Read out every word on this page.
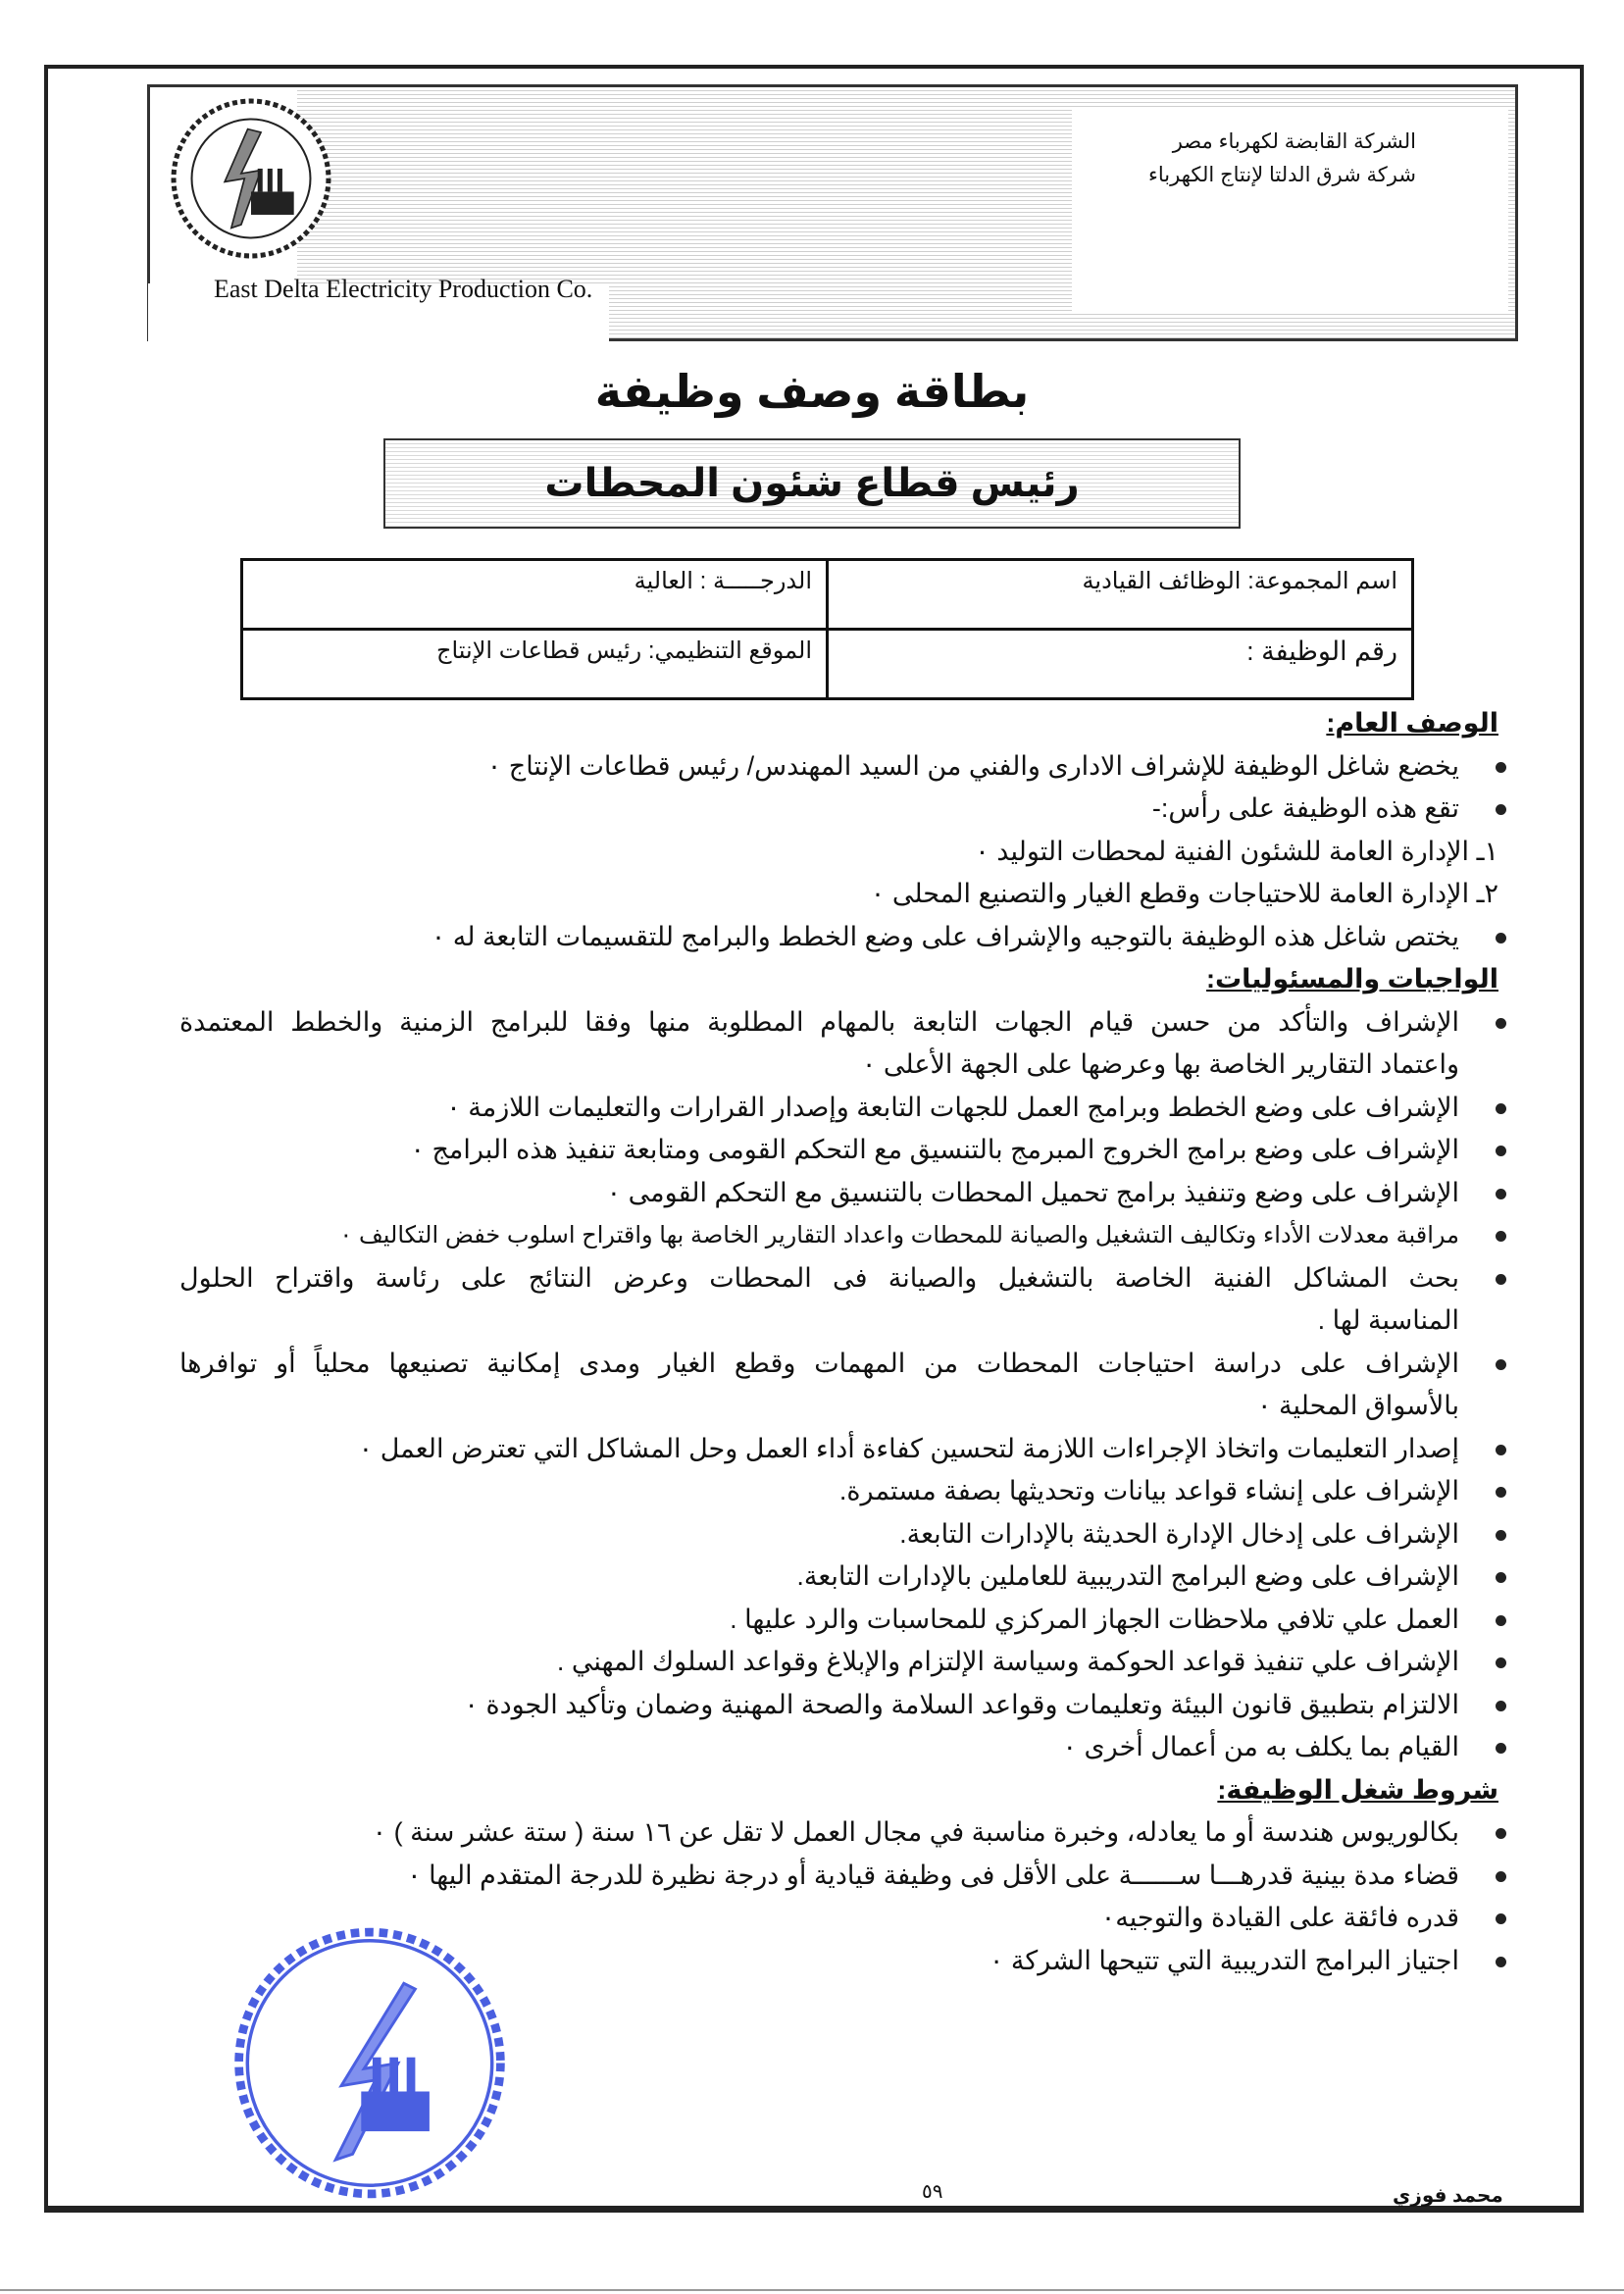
East Delta Electricity Production Co.
الشركة القابضة لكهرباء مصر
شركة شرق الدلتا لإنتاج الكهرباء
بطاقة وصف وظيفة
رئيس قطاع شئون المحطات
اسم المجموعة: الوظائف القيادية	الدرجـــــة : العالية
رقم الوظيفة :	الموقع التنظيمي: رئيس قطاعات الإنتاج
الوصف العام:
يخضع شاغل الوظيفة للإشراف الادارى والفني من السيد المهندس/ رئيس قطاعات الإنتاج ٠
تقع هذه الوظيفة على رأس:-
١ـ الإدارة العامة للشئون الفنية لمحطات التوليد ٠
٢ـ الإدارة العامة للاحتياجات وقطع الغيار والتصنيع المحلى ٠
يختص شاغل هذه الوظيفة بالتوجيه والإشراف على وضع الخطط والبرامج للتقسيمات التابعة له ٠
الواجبات والمسئوليات:
الإشراف والتأكد من حسن قيام الجهات التابعة بالمهام المطلوبة منها وفقا للبرامج الزمنية والخطط المعتمدة
واعتماد التقارير الخاصة بها وعرضها على الجهة الأعلى ٠
الإشراف على وضع الخطط وبرامج العمل للجهات التابعة وإصدار القرارات والتعليمات اللازمة ٠
الإشراف على وضع برامج الخروج المبرمج بالتنسيق مع التحكم القومى ومتابعة تنفيذ هذه البرامج ٠
الإشراف على وضع وتنفيذ برامج تحميل المحطات بالتنسيق مع التحكم القومى ٠
مراقبة معدلات الأداء وتكاليف التشغيل والصيانة للمحطات واعداد التقارير الخاصة بها واقتراح اسلوب خفض التكاليف ٠
بحث المشاكل الفنية الخاصة بالتشغيل والصيانة فى المحطات وعرض النتائج على رئاسة واقتراح الحلول
المناسبة لها .
الإشراف على دراسة احتياجات المحطات من المهمات وقطع الغيار ومدى إمكانية تصنيعها محلياً أو توافرها
بالأسواق المحلية ٠
إصدار التعليمات واتخاذ الإجراءات اللازمة لتحسين كفاءة أداء العمل وحل المشاكل التي تعترض العمل ٠
الإشراف على إنشاء قواعد بيانات وتحديثها بصفة مستمرة.
الإشراف على إدخال الإدارة الحديثة بالإدارات التابعة.
الإشراف على وضع البرامج التدريبية للعاملين بالإدارات التابعة.
العمل علي تلافي ملاحظات الجهاز المركزي للمحاسبات والرد عليها .
الإشراف علي تنفيذ قواعد الحوكمة وسياسة الإلتزام والإبلاغ وقواعد السلوك المهني .
الالتزام بتطبيق قانون البيئة وتعليمات وقواعد السلامة والصحة المهنية وضمان وتأكيد الجودة ٠
القيام بما يكلف به من أعمال أخرى ٠
شروط شغل الوظيفة:
بكالوريوس هندسة أو ما يعادله، وخبرة مناسبة في مجال العمل لا تقل عن ١٦ سنة ( ستة عشر سنة ) ٠
قضاء مدة بينية قدرهـــا ســــــة على الأقل فى وظيفة قيادية أو درجة نظيرة للدرجة المتقدم اليها ٠
قدره فائقة على القيادة والتوجيه٠
اجتياز البرامج التدريبية التي تتيحها الشركة ٠
٥٩	محمد فوزي
